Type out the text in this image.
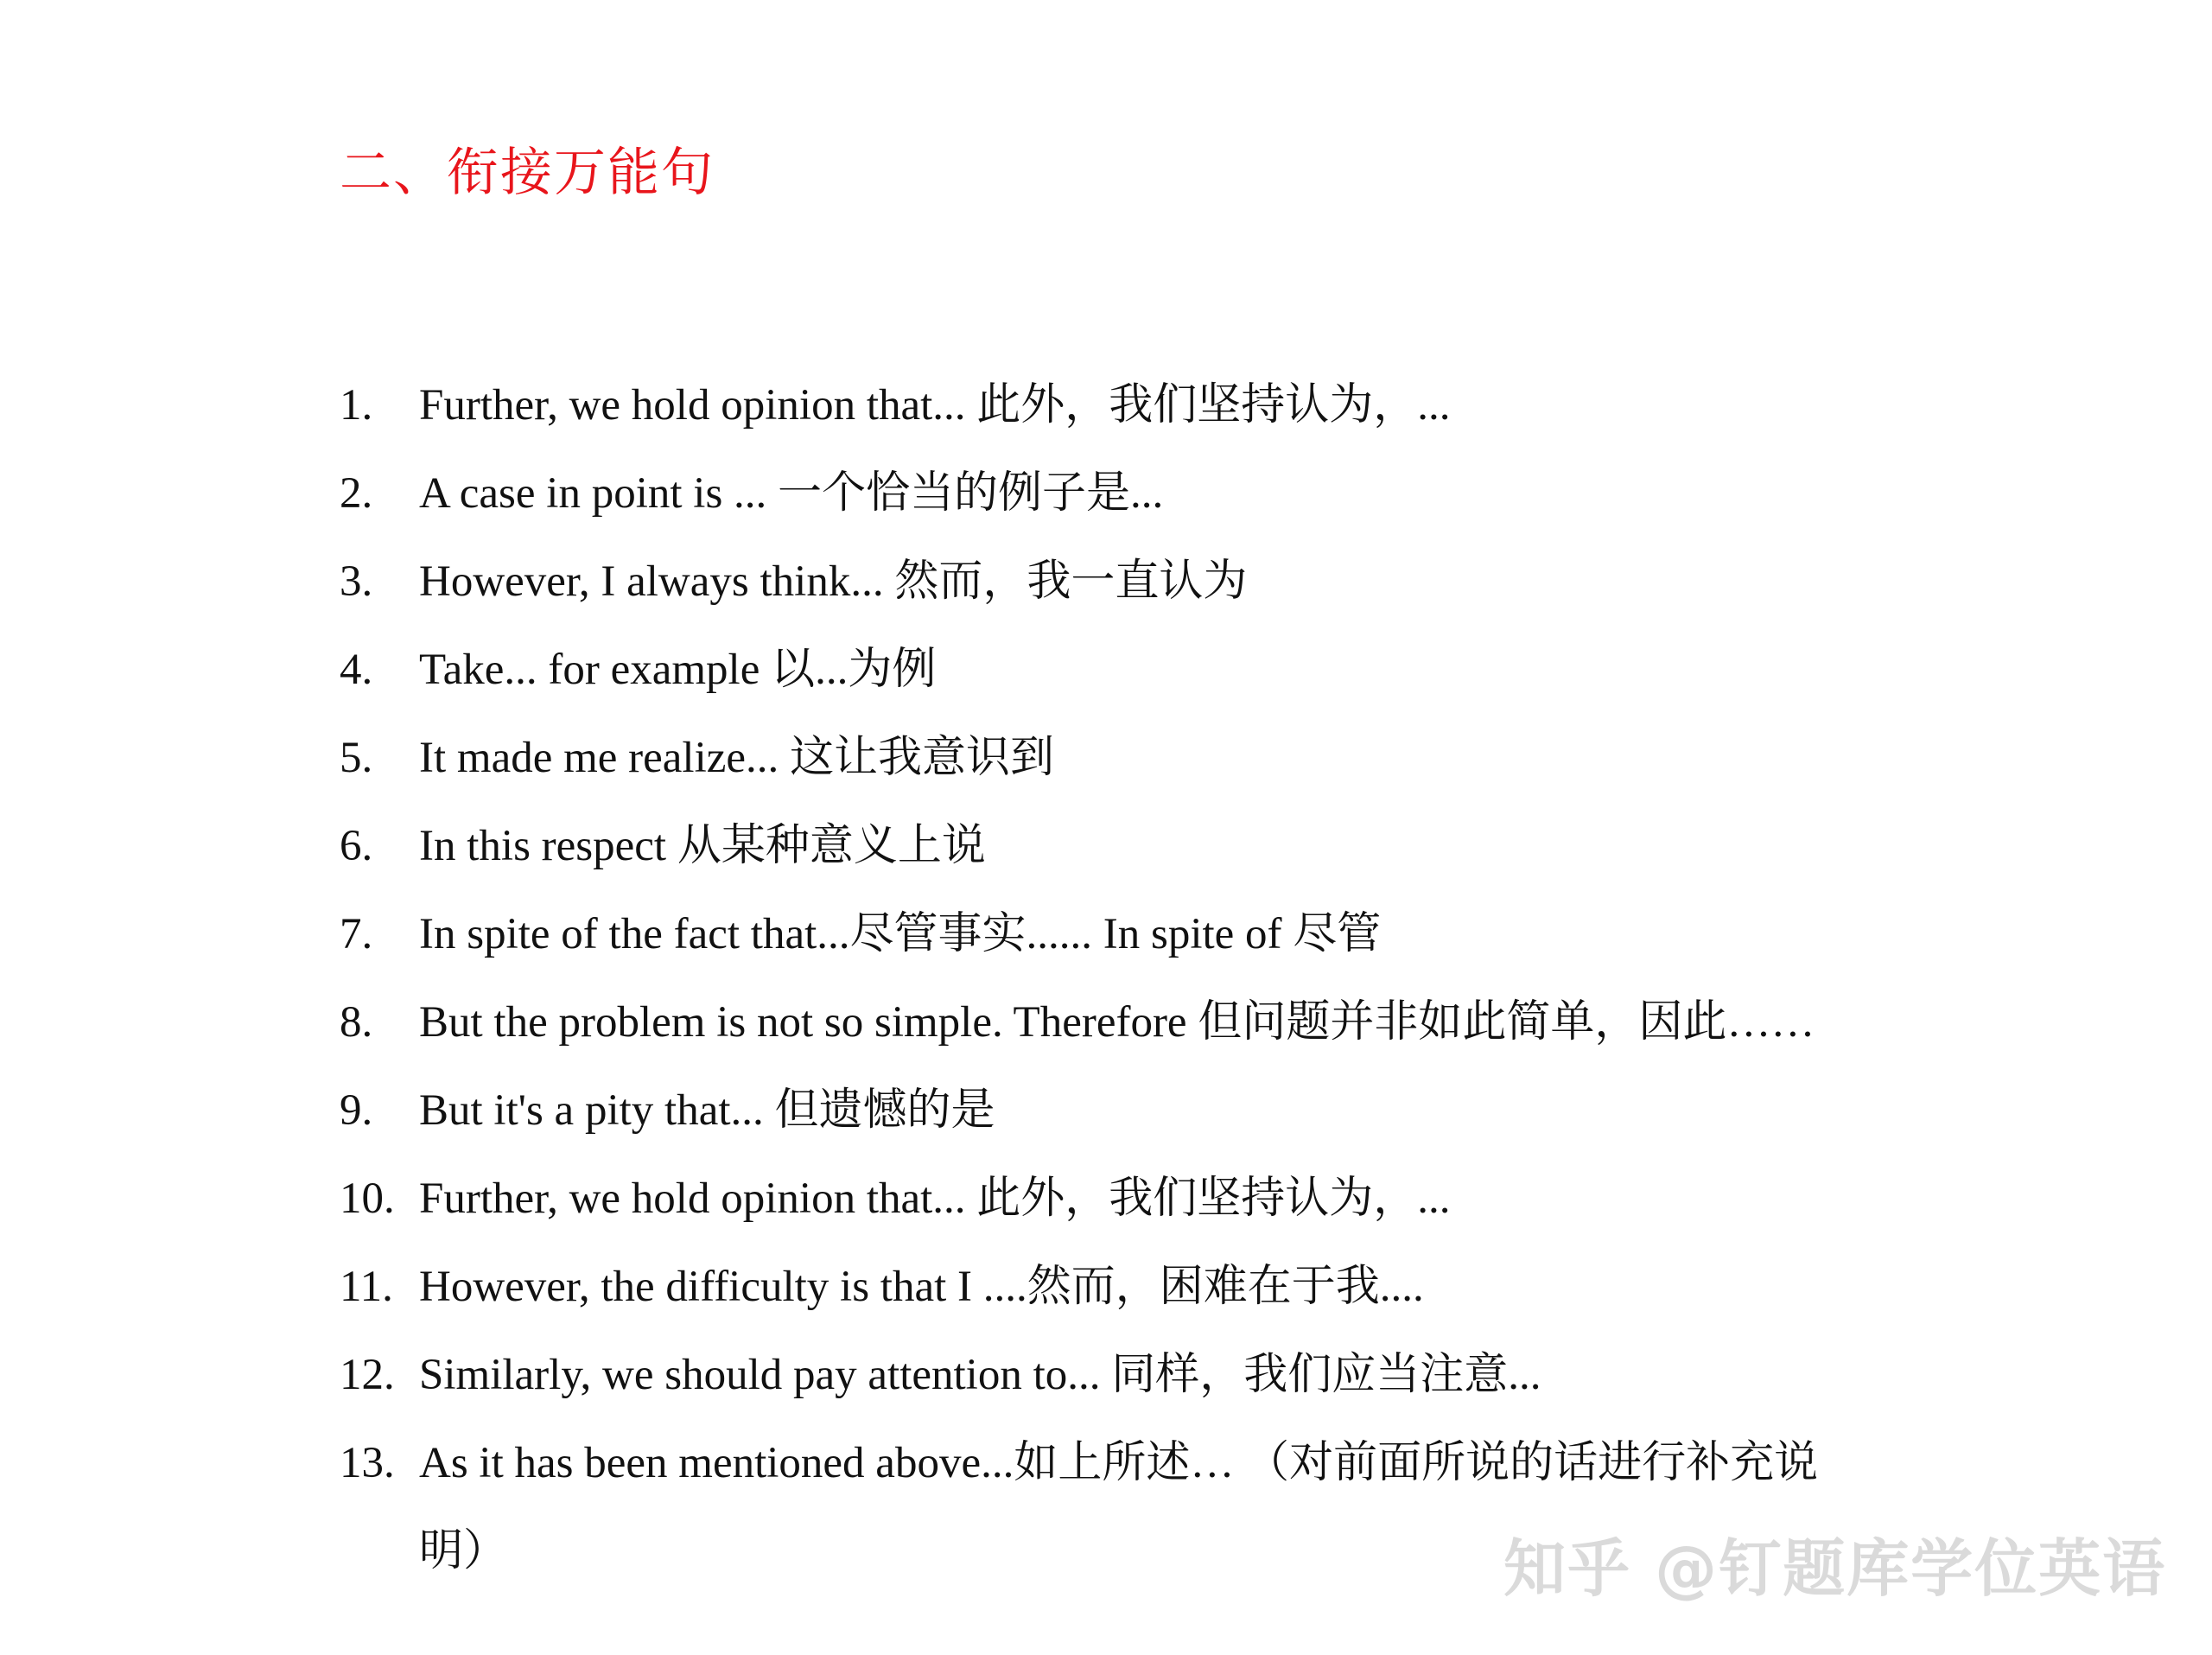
二、衔接万能句
1.	Further, we hold opinion that... 此外，我们坚持认为，...
2.	A case in point is ... 一个恰当的例子是...
3.	However, I always think... 然而，我一直认为
4.	Take... for example 以...为例
5.	It made me realize... 这让我意识到
6.	In this respect 从某种意义上说
7.	In spite of the fact that...尽管事实...... In spite of 尽管
8.	But the problem is not so simple. Therefore 但问题并非如此简单，因此……
9.	But it's a pity that... 但遗憾的是
10. Further, we hold opinion that... 此外，我们坚持认为，...
11. However, the difficulty is that I ....然而，困难在于我....
12. Similarly, we should pay attention to... 同样，我们应当注意...
13. As it has been mentioned above...如上所述… （对前面所说的话进行补充说明）	知乎 @钉题库学位英语
